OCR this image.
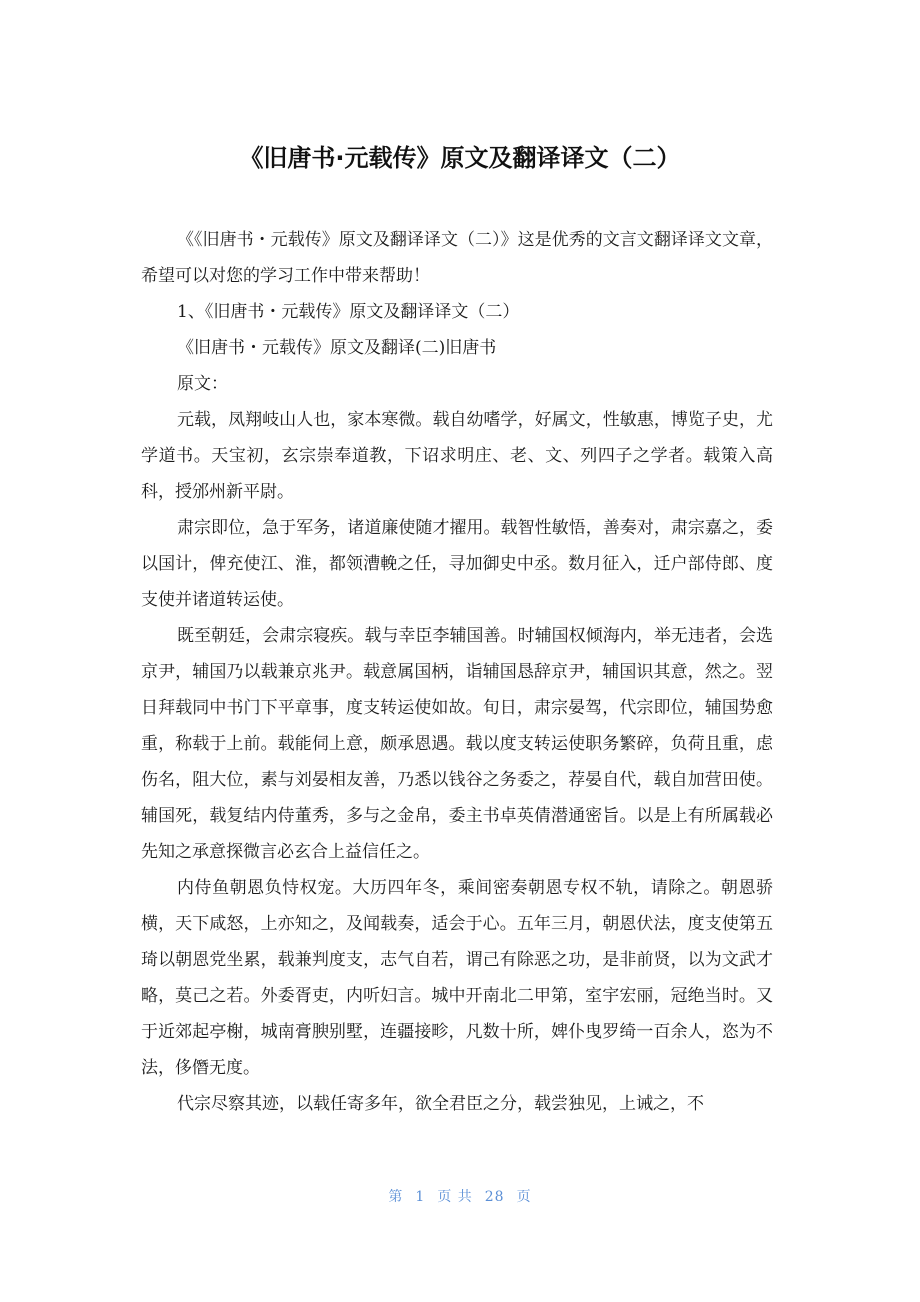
《旧唐书·元载传》原文及翻译译文（二）

《《旧唐书・元载传》原文及翻译译文（二）》这是优秀的文言文翻译译文文章，希望可以对您的学习工作中带来帮助！

1、《旧唐书・元载传》原文及翻译译文（二）

《旧唐书・元载传》原文及翻译(二)旧唐书

原文：

元载，凤翔岐山人也，家本寒微。载自幼嗜学，好属文，性敏惠，博览子史，尤学道书。天宝初，玄宗崇奉道教，下诏求明庄、老、文、列四子之学者。载策入高科，授邠州新平尉。

肃宗即位，急于军务，诸道廉使随才擢用。载智性敏悟，善奏对，肃宗嘉之，委以国计，俾充使江、淮，都领漕輓之任，寻加御史中丞。数月征入，迁户部侍郎、度支使并诸道转运使。

既至朝廷，会肃宗寝疾。载与幸臣李辅国善。时辅国权倾海内，举无违者，会选京尹，辅国乃以载兼京兆尹。载意属国柄，诣辅国恳辞京尹，辅国识其意，然之。翌日拜载同中书门下平章事，度支转运使如故。旬日，肃宗晏驾，代宗即位，辅国势愈重，称载于上前。载能伺上意，颇承恩遇。载以度支转运使职务繁碎，负荷且重，虑伤名，阻大位，素与刘晏相友善，乃悉以钱谷之务委之，荐晏自代，载自加营田使。辅国死，载复结内侍董秀，多与之金帛，委主书卓英倩潜通密旨。以是上有所属载必先知之承意探微言必玄合上益信任之。

内侍鱼朝恩负恃权宠。大历四年冬，乘间密奏朝恩专权不轨，请除之。朝恩骄横，天下咸怒，上亦知之，及闻载奏，适会于心。五年三月，朝恩伏法，度支使第五琦以朝恩党坐累，载兼判度支，志气自若，谓己有除恶之功，是非前贤，以为文武才略，莫己之若。外委胥吏，内听妇言。城中开南北二甲第，室宇宏丽，冠绝当时。又于近郊起亭榭，城南膏腴别墅，连疆接畛，凡数十所，婢仆曳罗绮一百余人，恣为不法，侈僭无度。

代宗尽察其迹，以载任寄多年，欲全君臣之分，载尝独见，上诫之，不

第 1 页 共 28 页
